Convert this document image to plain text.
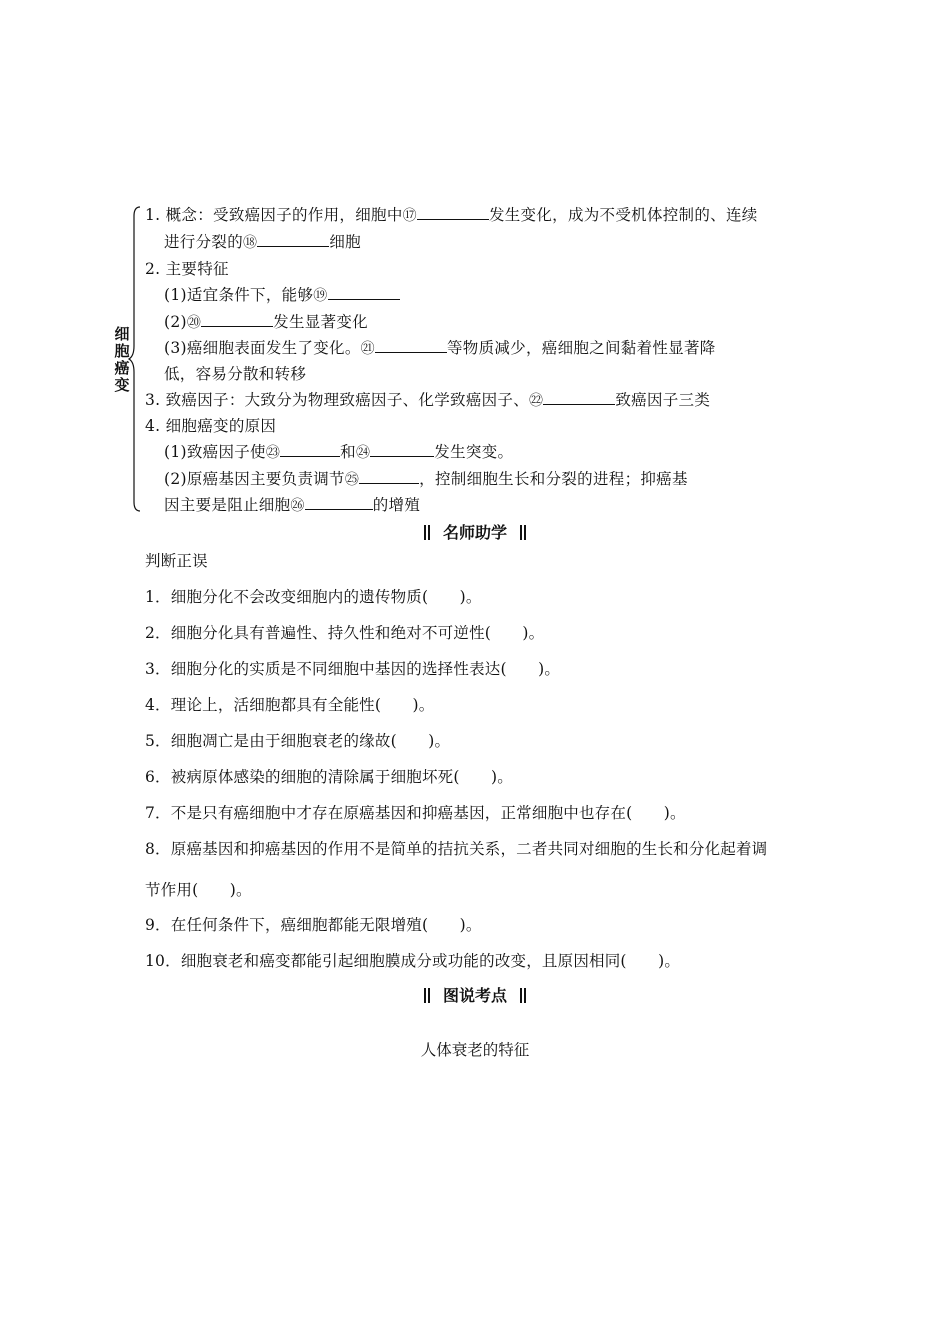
细胞癌变
1. 概念：受致癌因子的作用，细胞中⑰	发生变化，成为不受机体控制的、连续
进行分裂的⑱	细胞
2. 主要特征
(1)适宜条件下，能够⑲
(2)⑳	发生显著变化
(3)癌细胞表面发生了变化。㉑	等物质减少，癌细胞之间黏着性显著降
低，容易分散和转移
3. 致癌因子：大致分为物理致癌因子、化学致癌因子、㉒	致癌因子三类
4. 细胞癌变的原因
(1)致癌因子使㉓	和㉔	发生突变。
(2)原癌基因主要负责调节㉕	，控制细胞生长和分裂的进程；抑癌基
因主要是阻止细胞㉖	的增殖
名师助学
判断正误
1．细胞分化不会改变细胞内的遗传物质(　　)。
2．细胞分化具有普遍性、持久性和绝对不可逆性(　　)。
3．细胞分化的实质是不同细胞中基因的选择性表达(　　)。
4．理论上，活细胞都具有全能性(　　)。
5．细胞凋亡是由于细胞衰老的缘故(　　)。
6．被病原体感染的细胞的清除属于细胞坏死(　　)。
7．不是只有癌细胞中才存在原癌基因和抑癌基因，正常细胞中也存在(　　)。
8．原癌基因和抑癌基因的作用不是简单的拮抗关系，二者共同对细胞的生长和分化起着调
节作用(　　)。
9．在任何条件下，癌细胞都能无限增殖(　　)。
10．细胞衰老和癌变都能引起细胞膜成分或功能的改变，且原因相同(　　)。
图说考点
人体衰老的特征
